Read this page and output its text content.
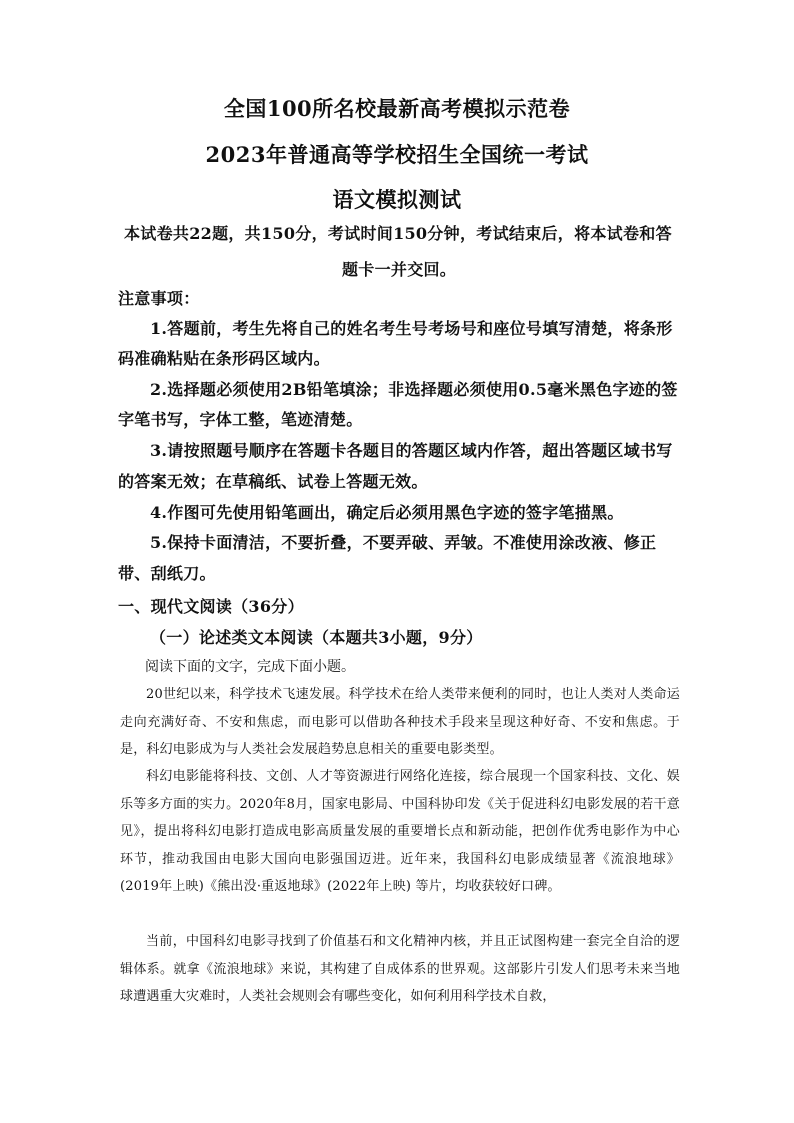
全国100所名校最新高考模拟示范卷
2023年普通高等学校招生全国统一考试
语文模拟测试
本试卷共22题，共150分，考试时间150分钟，考试结束后，将本试卷和答
题卡一并交回。
注意事项：
1.答题前，考生先将自己的姓名考生号考场号和座位号填写清楚，将条形
码准确粘贴在条形码区域内。
2.选择题必须使用2B铅笔填涂；非选择题必须使用0.5毫米黑色字迹的签
字笔书写，字体工整，笔迹清楚。
3.请按照题号顺序在答题卡各题目的答题区域内作答，超出答题区域书写
的答案无效；在草稿纸、试卷上答题无效。
4.作图可先使用铅笔画出，确定后必须用黑色字迹的签字笔描黑。
5.保持卡面清洁，不要折叠，不要弄破、弄皱。不准使用涂改液、修正
带、刮纸刀。
一、现代文阅读（36分）
（一）论述类文本阅读（本题共3小题，9分）
阅读下面的文字，完成下面小题。

20世纪以来，科学技术飞速发展。科学技术在给人类带来便利的同时，也让人类对人类命运走向充满好奇、不安和焦虑，而电影可以借助各种技术手段来呈现这种好奇、不安和焦虑。于是，科幻电影成为与人类社会发展趋势息息相关的重要电影类型。

科幻电影能将科技、文创、人才等资源进行网络化连接，综合展现一个国家科技、文化、娱乐等多方面的实力。2020年8月，国家电影局、中国科协印发《关于促进科幻电影发展的若干意见》，提出将科幻电影打造成电影高质量发展的重要增长点和新动能，把创作优秀电影作为中心环节，推动我国由电影大国向电影强国迈进。近年来，我国科幻电影成绩显著《流浪地球》(2019年上映)《熊出没·重返地球》(2022年上映) 等片，均收获较好口碑。

当前，中国科幻电影寻找到了价值基石和文化精神内核，并且正试图构建一套完全自洽的逻辑体系。就拿《流浪地球》来说，其构建了自成体系的世界观。这部影片引发人们思考未来当地球遭遇重大灾难时，人类社会规则会有哪些变化，如何利用科学技术自救，
